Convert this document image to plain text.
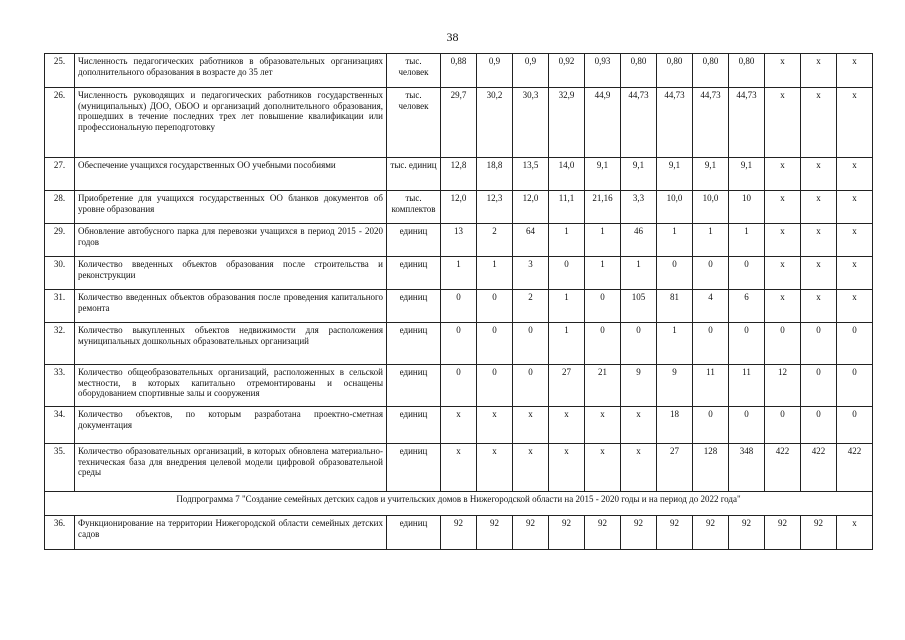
38
25.	Численность педагогических работников в образовательных организациях дополнительного образования в возрасте до 35 лет	тыс. человек	0,88	0,9	0,9	0,92	0,93	0,80	0,80	0,80	0,80	х	х	х
26.	Численность руководящих и педагогических работников государственных (муниципальных) ДОО, ОБОО и организаций дополнительного образования, прошедших в течение последних трех лет повышение квалификации или профессиональную переподготовку	тыс. человек	29,7	30,2	30,3	32,9	44,9	44,73	44,73	44,73	44,73	х	х	х
27.	Обеспечение учащихся государственных ОО учебными пособиями	тыс. единиц	12,8	18,8	13,5	14,0	9,1	9,1	9,1	9,1	9,1	х	х	х
28.	Приобретение для учащихся государственных ОО бланков документов об уровне образования	тыс. комплектов	12,0	12,3	12,0	11,1	21,16	3,3	10,0	10,0	10	х	х	х
29.	Обновление автобусного парка для перевозки учащихся в период 2015 - 2020 годов	единиц	13	2	64	1	1	46	1	1	1	х	х	х
30.	Количество введенных объектов образования после строительства и реконструкции	единиц	1	1	3	0	1	1	0	0	0	х	х	х
31.	Количество введенных объектов образования после проведения капитального ремонта	единиц	0	0	2	1	0	105	81	4	6	х	х	х
32.	Количество выкупленных объектов недвижимости для расположения муниципальных дошкольных образовательных организаций	единиц	0	0	0	1	0	0	1	0	0	0	0	0
33.	Количество общеобразовательных организаций, расположенных в сельской местности, в которых капитально отремонтированы и оснащены оборудованием спортивные залы и сооружения	единиц	0	0	0	27	21	9	9	11	11	12	0	0
34.	Количество объектов, по которым разработана проектно-сметная документация	единиц	х	х	х	х	х	х	18	0	0	0	0	0
35.	Количество образовательных организаций, в которых обновлена материально-техническая база для внедрения целевой модели цифровой образовательной среды	единиц	х	х	х	х	х	х	27	128	348	422	422	422
Подпрограмма 7 "Создание семейных детских садов и учительских домов в Нижегородской области на 2015 - 2020 годы и на период до 2022 года"														
36.	Функционирование на территории Нижегородской области семейных детских садов	единиц	92	92	92	92	92	92	92	92	92	92	92	х
